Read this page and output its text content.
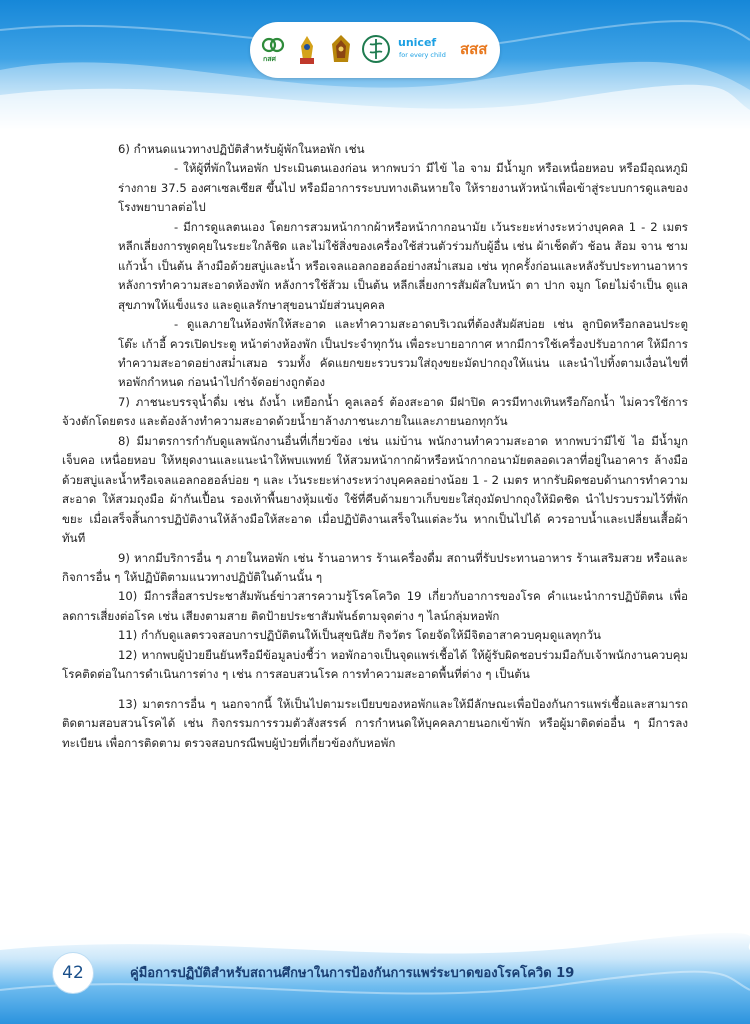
กสศ
unicef
for every child สสส

6) กำหนดแนวทางปฏิบัติสำหรับผู้พักในหอพัก เช่น

- ให้ผู้ที่พักในหอพัก ประเมินตนเองก่อน หากพบว่า มีไข้ ไอ จาม มีน้ำมูก หรือเหนื่อยหอบ หรือมีอุณหภูมิร่างกาย 37.5 องศาเซลเซียส ขึ้นไป หรือมีอาการระบบทางเดินหายใจ ให้รายงานหัวหน้าเพื่อเข้าสู่ระบบการดูแลของโรงพยาบาลต่อไป

- มีการดูแลตนเอง โดยการสวมหน้ากากผ้าหรือหน้ากากอนามัย เว้นระยะห่างระหว่างบุคคล 1 - 2 เมตร หลีกเลี่ยงการพูดคุยในระยะใกล้ชิด และไม่ใช้สิ่งของเครื่องใช้ส่วนตัวร่วมกับผู้อื่น เช่น ผ้าเช็ดตัว ช้อน ส้อม จาน ชาม แก้วน้ำ เป็นต้น ล้างมือด้วยสบู่และน้ำ หรือเจลแอลกอฮอล์อย่างสม่ำเสมอ เช่น ทุกครั้งก่อนและหลังรับประทานอาหาร หลังการทำความสะอาดห้องพัก หลังการใช้ส้วม เป็นต้น หลีกเลี่ยงการสัมผัสใบหน้า ตา ปาก จมูก โดยไม่จำเป็น ดูแลสุขภาพให้แข็งแรง และดูแลรักษาสุขอนามัยส่วนบุคคล

- ดูแลภายในห้องพักให้สะอาด และทำความสะอาดบริเวณที่ต้องสัมผัสบ่อย เช่น ลูกบิดหรือกลอนประตูโต๊ะ เก้าอี้ ควรเปิดประตู หน้าต่างห้องพัก เป็นประจำทุกวัน เพื่อระบายอากาศ หากมีการใช้เครื่องปรับอากาศ ให้มีการทำความสะอาดอย่างสม่ำเสมอ รวมทั้ง คัดแยกขยะรวบรวมใส่ถุงขยะมัดปากถุงให้แน่น และนำไปทิ้งตามเงื่อนไขที่หอพักกำหนด ก่อนนำไปกำจัดอย่างถูกต้อง

7) ภาชนะบรรจุน้ำดื่ม เช่น ถังน้ำ เหยือกน้ำ คูลเลอร์ ต้องสะอาด มีฝาปิด ควรมีทางเทินหรือก๊อกน้ำ ไม่ควรใช้การจ้วงตักโดยตรง และต้องล้างทำความสะอาดด้วยน้ำยาล้างภาชนะภายในและภายนอกทุกวัน

8) มีมาตรการกำกับดูแลพนักงานอื่นที่เกี่ยวข้อง เช่น แม่บ้าน พนักงานทำความสะอาด หากพบว่ามีไข้ ไอ มีน้ำมูก เจ็บคอ เหนื่อยหอบ ให้หยุดงานและแนะนำให้พบแพทย์ ให้สวมหน้ากากผ้าหรือหน้ากากอนามัยตลอดเวลาที่อยู่ในอาคาร ล้างมือด้วยสบู่และน้ำหรือเจลแอลกอฮอล์บ่อย ๆ และ เว้นระยะห่างระหว่างบุคคลอย่างน้อย 1 - 2 เมตร หากรับผิดชอบด้านการทำความสะอาด ให้สวมถุงมือ ผ้ากันเปื้อน รองเท้าพื้นยางหุ้มแข้ง ใช้ที่คีบด้ามยาวเก็บขยะใส่ถุงมัดปากถุงให้มิดชิด นำไปรวบรวมไว้ที่พักขยะ เมื่อเสร็จสิ้นการปฏิบัติงานให้ล้างมือให้สะอาด เมื่อปฏิบัติงานเสร็จในแต่ละวัน หากเป็นไปได้ ควรอาบน้ำและเปลี่ยนเสื้อผ้าทันที

9) หากมีบริการอื่น ๆ ภายในหอพัก เช่น ร้านอาหาร ร้านเครื่องดื่ม สถานที่รับประทานอาหาร ร้านเสริมสวย หรือและกิจการอื่น ๆ ให้ปฏิบัติตามแนวทางปฏิบัติในด้านนั้น ๆ

10) มีการสื่อสารประชาสัมพันธ์ข่าวสารความรู้โรคโควิด 19 เกี่ยวกับอาการของโรค คำแนะนำการปฏิบัติตน เพื่อลดการเสี่ยงต่อโรค เช่น เสียงตามสาย ติดป้ายประชาสัมพันธ์ตามจุดต่าง ๆ ไลน์กลุ่มหอพัก

11) กำกับดูแลตรวจสอบการปฏิบัติตนให้เป็นสุขนิสัย กิจวัตร โดยจัดให้มีจิตอาสาควบคุมดูแลทุกวัน

12) หากพบผู้ป่วยยืนยันหรือมีข้อมูลบ่งชี้ว่า หอพักอาจเป็นจุดแพร่เชื้อได้ ให้ผู้รับผิดชอบร่วมมือกับเจ้าพนักงานควบคุมโรคติดต่อในการดำเนินการต่าง ๆ เช่น การสอบสวนโรค การทำความสะอาดพื้นที่ต่าง ๆ เป็นต้น

13) มาตรการอื่น ๆ นอกจากนี้ ให้เป็นไปตามระเบียบของหอพักและให้มีลักษณะเพื่อป้องกันการแพร่เชื้อและสามารถติดตามสอบสวนโรคได้ เช่น กิจกรรมการรวมตัวสังสรรค์ การกำหนดให้บุคคลภายนอกเข้าพัก หรือผู้มาติดต่ออื่น ๆ มีการลงทะเบียน เพื่อการติดตาม ตรวจสอบกรณีพบผู้ป่วยที่เกี่ยวข้องกับหอพัก

42	คู่มือการปฏิบัติสำหรับสถานศึกษาในการป้องกันการแพร่ระบาดของโรคโควิด 19
